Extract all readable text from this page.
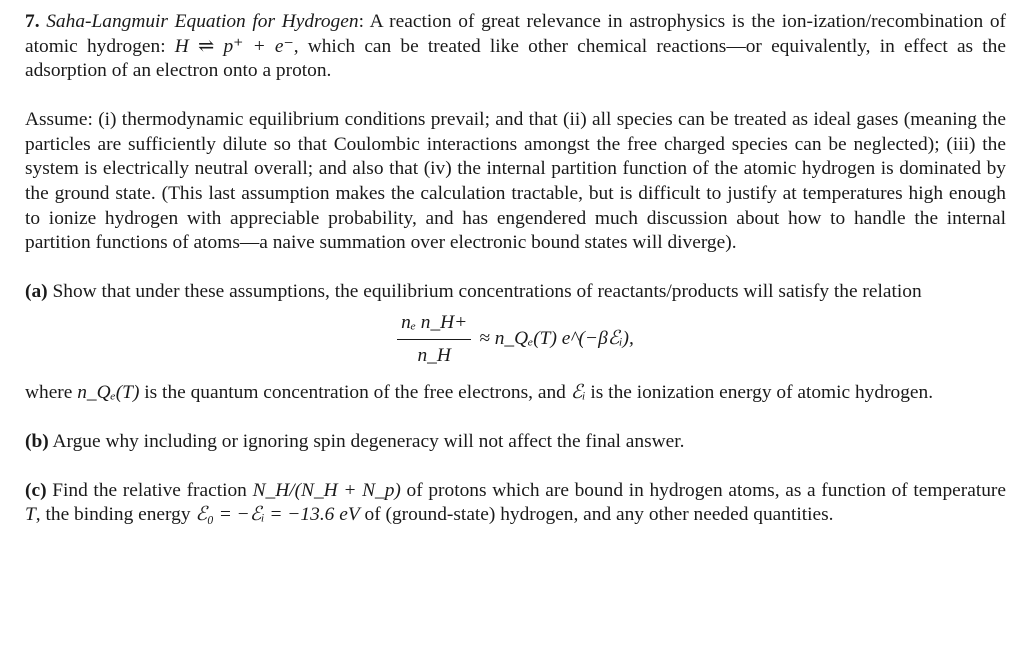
7. Saha-Langmuir Equation for Hydrogen: A reaction of great relevance in astrophysics is the ion-ization/recombination of atomic hydrogen: H ⇌ p⁺ + e⁻, which can be treated like other chemical reactions—or equivalently, in effect as the adsorption of an electron onto a proton.

Assume: (i) thermodynamic equilibrium conditions prevail; and that (ii) all species can be treated as ideal gases (meaning the particles are sufficiently dilute so that Coulombic interactions amongst the free charged species can be neglected); (iii) the system is electrically neutral overall; and also that (iv) the internal partition function of the atomic hydrogen is dominated by the ground state. (This last assumption makes the calculation tractable, but is difficult to justify at temperatures high enough to ionize hydrogen with appreciable probability, and has engendered much discussion about how to handle the internal partition functions of atoms—a naive summation over electronic bound states will diverge).

(a) Show that under these assumptions, the equilibrium concentrations of reactants/products will satisfy the relation

$\frac{\text{nₑ n\_H+}}{n\_H}$ ≈ n_Qₑ(T) e^(−βℰᵢ),

where n_Qₑ(T) is the quantum concentration of the free electrons, and ℰᵢ is the ionization energy of atomic hydrogen.

(b) Argue why including or ignoring spin degeneracy will not affect the final answer.

(c) Find the relative fraction N_H/(N_H + N_p) of protons which are bound in hydrogen atoms, as a function of temperature T, the binding energy ℰ₀ = −ℰᵢ = −13.6 eV of (ground-state) hydrogen, and any other needed quantities.
